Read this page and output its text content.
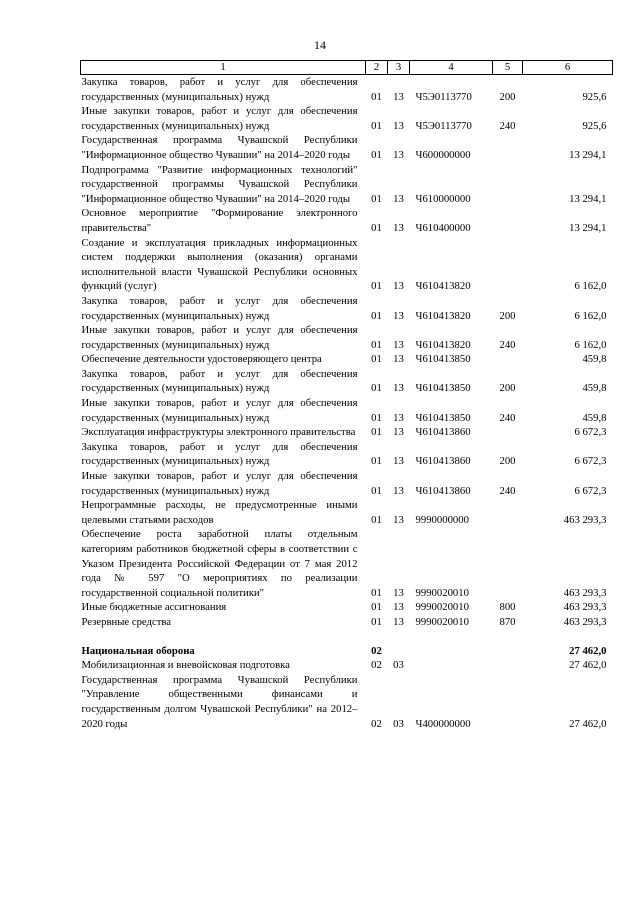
14
1	2	3	4	5	6
Закупка товаров, работ и услуг для обеспечения государственных (муниципальных) нужд	01	13	Ч5Э0113770	200	925,6
Иные закупки товаров, работ и услуг для обеспечения государственных (муниципальных) нужд	01	13	Ч5Э0113770	240	925,6
Государственная программа Чувашской Республики "Информационное общество Чувашии" на 2014–2020 годы	01	13	Ч600000000		13 294,1
Подпрограмма "Развитие информационных технологий" государственной программы Чувашской Республики "Информационное общество Чувашии" на 2014–2020 годы	01	13	Ч610000000		13 294,1
Основное мероприятие "Формирование электронного правительства"	01	13	Ч610400000		13 294,1
Создание и эксплуатация прикладных информационных систем поддержки выполнения (оказания) органами исполнительной власти Чувашской Республики основных функций (услуг)	01	13	Ч610413820		6 162,0
Закупка товаров, работ и услуг для обеспечения государственных (муниципальных) нужд	01	13	Ч610413820	200	6 162,0
Иные закупки товаров, работ и услуг для обеспечения государственных (муниципальных) нужд	01	13	Ч610413820	240	6 162,0
Обеспечение деятельности удостоверяющего центра	01	13	Ч610413850		459,8
Закупка товаров, работ и услуг для обеспечения государственных (муниципальных) нужд	01	13	Ч610413850	200	459,8
Иные закупки товаров, работ и услуг для обеспечения государственных (муниципальных) нужд	01	13	Ч610413850	240	459,8
Эксплуатация инфраструктуры электронного правительства	01	13	Ч610413860		6 672,3
Закупка товаров, работ и услуг для обеспечения государственных (муниципальных) нужд	01	13	Ч610413860	200	6 672,3
Иные закупки товаров, работ и услуг для обеспечения государственных (муниципальных) нужд	01	13	Ч610413860	240	6 672,3
Непрограммные расходы, не предусмотренные иными целевыми статьями расходов	01	13	9990000000		463 293,3
Обеспечение роста заработной платы отдельным категориям работников бюджетной сферы в соответствии с Указом Президента Российской Федерации от 7 мая 2012 года № 597 "О мероприятиях по реализации государственной социальной политики"	01	13	9990020010		463 293,3
Иные бюджетные ассигнования	01	13	9990020010	800	463 293,3
Резервные средства	01	13	9990020010	870	463 293,3

Национальная оборона	02				27 462,0
Мобилизационная и вневойсковая подготовка	02	03			27 462,0
Государственная программа Чувашской Республики "Управление общественными финансами и государственным долгом Чувашской Республики" на 2012–2020 годы	02	03	Ч400000000		27 462,0
